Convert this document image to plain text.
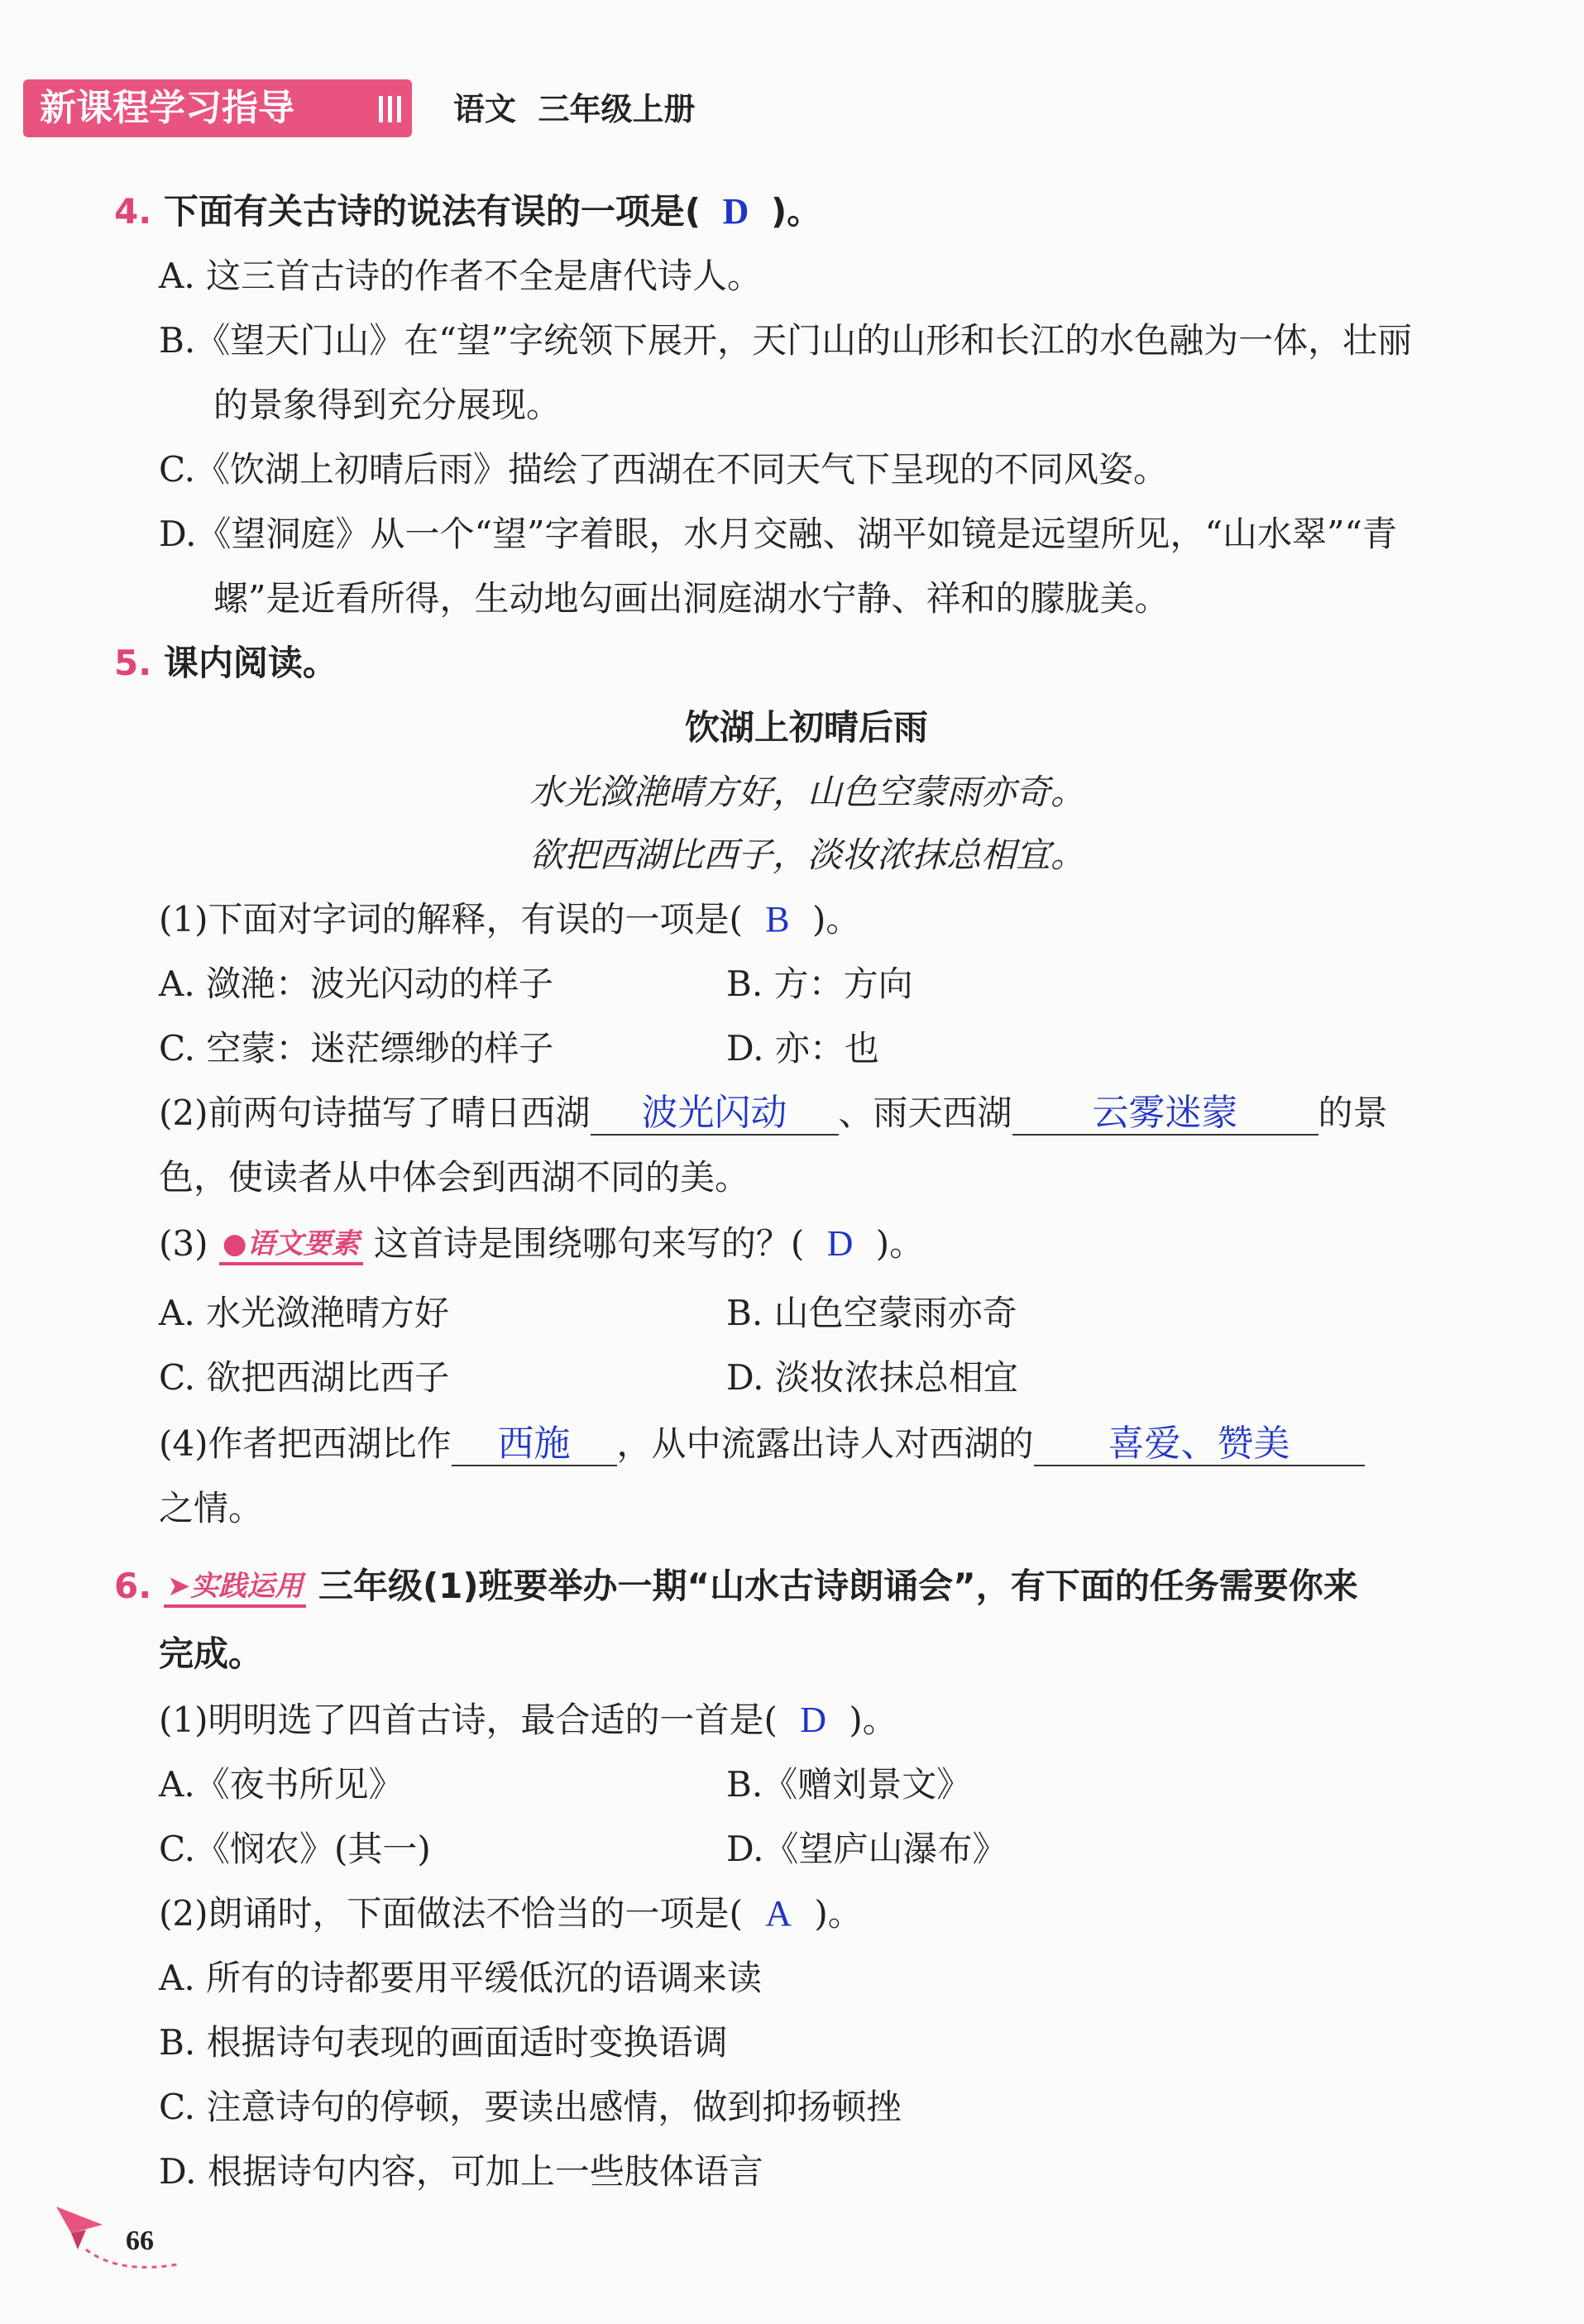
新课程学习指导	语文  三年级上册
4. 下面有关古诗的说法有误的一项是( D )。
A. 这三首古诗的作者不全是唐代诗人。
B.《望天门山》在“望”字统领下展开，天门山的山形和长江的水色融为一体，壮丽
的景象得到充分展现。
C.《饮湖上初晴后雨》描绘了西湖在不同天气下呈现的不同风姿。
D.《望洞庭》从一个“望”字着眼，水月交融、湖平如镜是远望所见，“山水翠”“青
螺”是近看所得，生动地勾画出洞庭湖水宁静、祥和的朦胧美。
5. 课内阅读。
饮湖上初晴后雨
水光潋滟晴方好，山色空蒙雨亦奇。
欲把西湖比西子，淡妆浓抹总相宜。
(1)下面对字词的解释，有误的一项是( B )。
A. 潋滟：波光闪动的样子	B. 方：方向
C. 空蒙：迷茫缥缈的样子	D. 亦：也
(2)前两句诗描写了晴日西湖 波光闪动 、雨天西湖 云雾迷蒙 的景
色，使读者从中体会到西湖不同的美。
(3) ●语文要素 这首诗是围绕哪句来写的？( D )。
A. 水光潋滟晴方好	B. 山色空蒙雨亦奇
C. 欲把西湖比西子	D. 淡妆浓抹总相宜
(4)作者把西湖比作 西施 ，从中流露出诗人对西湖的 喜爱、赞美
之情。
6. ➤实践运用 三年级(1)班要举办一期“山水古诗朗诵会”，有下面的任务需要你来
完成。
(1)明明选了四首古诗，最合适的一首是( D )。
A.《夜书所见》	B.《赠刘景文》
C.《悯农》(其一)	D.《望庐山瀑布》
(2)朗诵时，下面做法不恰当的一项是( A )。
A. 所有的诗都要用平缓低沉的语调来读
B. 根据诗句表现的画面适时变换语调
C. 注意诗句的停顿，要读出感情，做到抑扬顿挫
D. 根据诗句内容，可加上一些肢体语言
66
